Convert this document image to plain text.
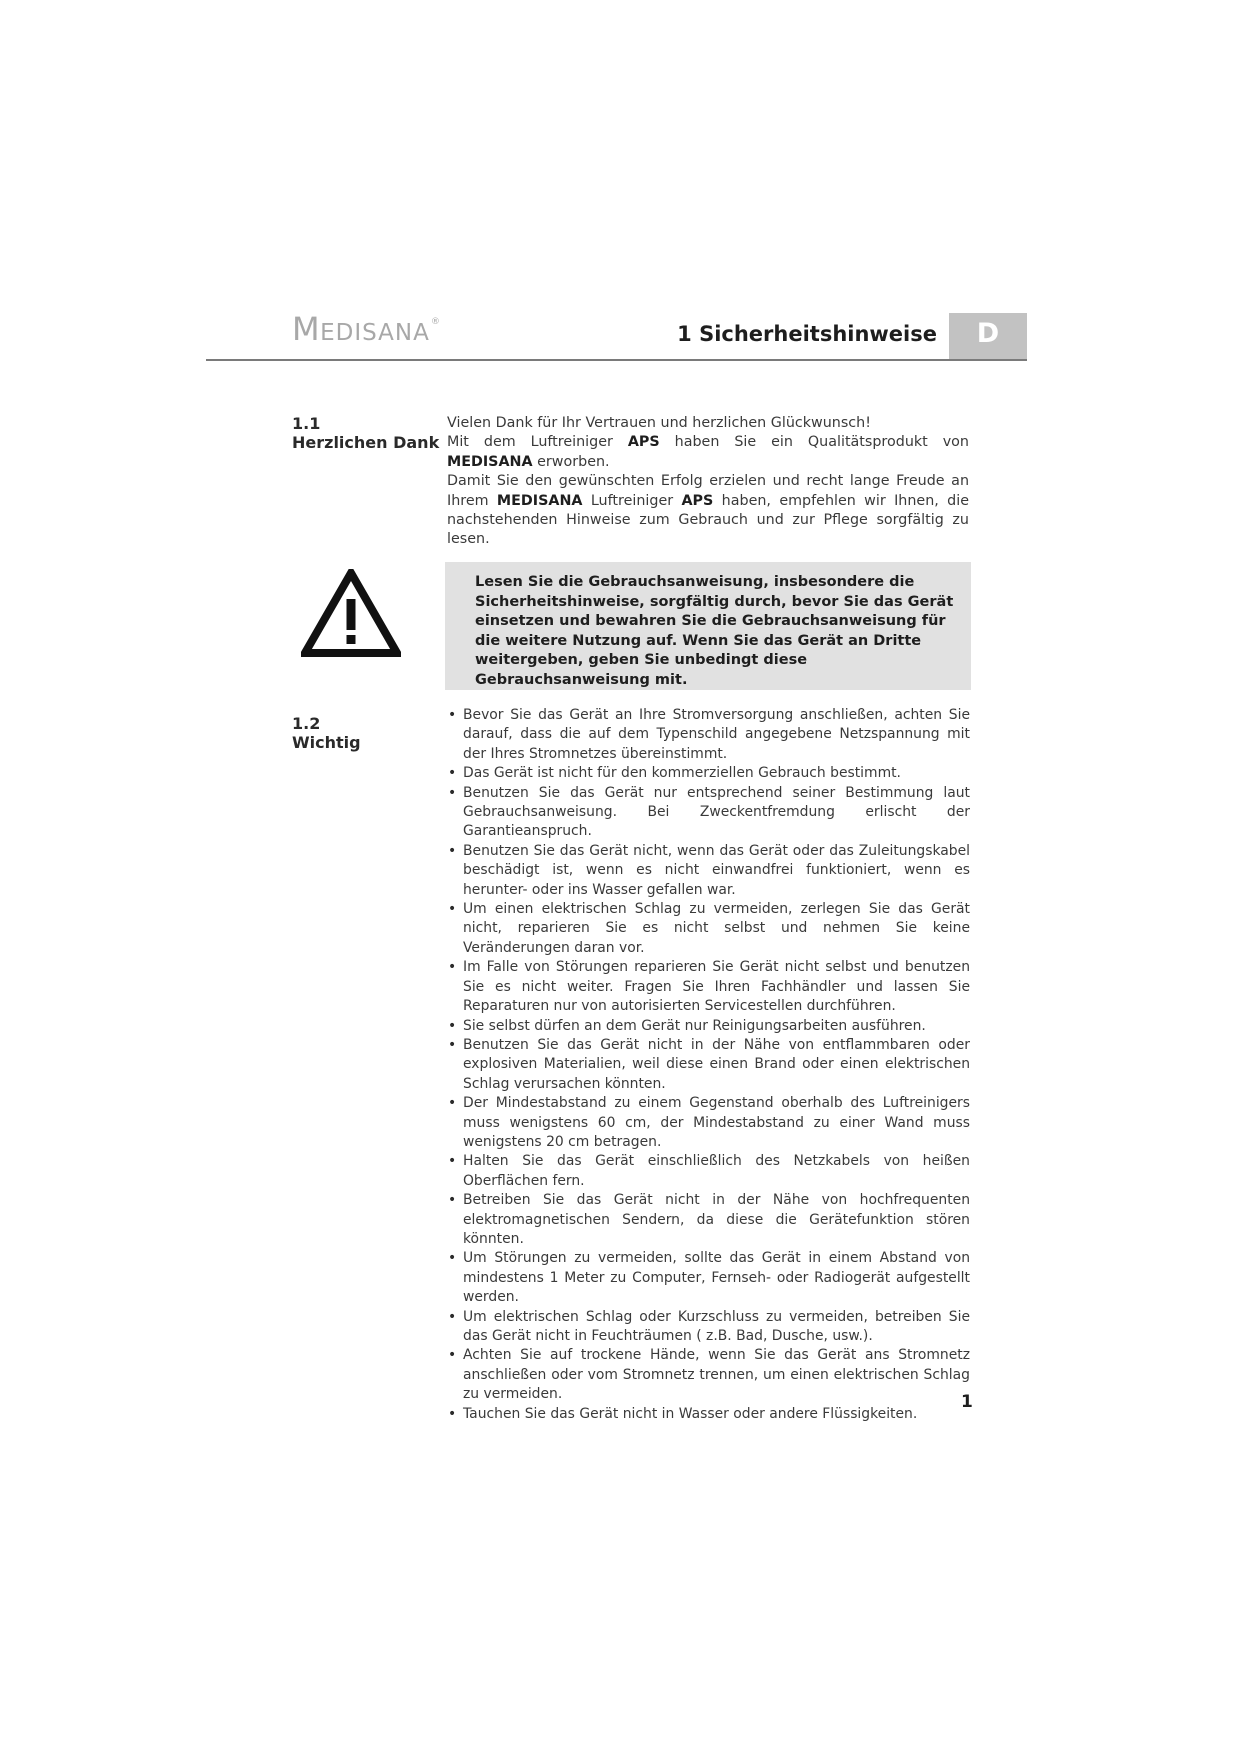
MEDISANA®	1 Sicherheitshinweise	D
1.1
Herzlichen Dank

Vielen Dank für Ihr Vertrauen und herzlichen Glückwunsch!

Mit dem Luftreiniger APS haben Sie ein Qualitätsprodukt von MEDISANA erworben.

Damit Sie den gewünschten Erfolg erzielen und recht lange Freude an Ihrem MEDISANA Luftreiniger APS haben, empfehlen wir Ihnen, die nachstehenden Hinweise zum Gebrauch und zur Pflege sorgfältig zu lesen.

Lesen Sie die Gebrauchsanweisung, insbesondere die Sicherheitshinweise, sorgfältig durch, bevor Sie das Gerät einsetzen und bewahren Sie die Gebrauchsanweisung für die weitere Nutzung auf. Wenn Sie das Gerät an Dritte weitergeben, geben Sie unbedingt diese Gebrauchsanweisung mit.
1.2
Wichtig
• Bevor Sie das Gerät an Ihre Stromversorgung anschließen, achten Sie darauf, dass die auf dem Typenschild angegebene Netzspannung mit der Ihres Stromnetzes übereinstimmt.
• Das Gerät ist nicht für den kommerziellen Gebrauch bestimmt.
• Benutzen Sie das Gerät nur entsprechend seiner Bestimmung laut Gebrauchsanweisung. Bei Zweckentfremdung erlischt der Garantieanspruch.
• Benutzen Sie das Gerät nicht, wenn das Gerät oder das Zuleitungskabel beschädigt ist, wenn es nicht einwandfrei funktioniert, wenn es herunter- oder ins Wasser gefallen war.
• Um einen elektrischen Schlag zu vermeiden, zerlegen Sie das Gerät nicht, reparieren Sie es nicht selbst und nehmen Sie keine Veränderungen daran vor.
• Im Falle von Störungen reparieren Sie Gerät nicht selbst und benutzen Sie es nicht weiter. Fragen Sie Ihren Fachhändler und lassen Sie Reparaturen nur von autorisierten Servicestellen durchführen.
• Sie selbst dürfen an dem Gerät nur Reinigungsarbeiten ausführen.
• Benutzen Sie das Gerät nicht in der Nähe von entflammbaren oder explosiven Materialien, weil diese einen Brand oder einen elektrischen Schlag verursachen könnten.
• Der Mindestabstand zu einem Gegenstand oberhalb des Luftreinigers muss wenigstens 60 cm, der Mindestabstand zu einer Wand muss wenigstens 20 cm betragen.
• Halten Sie das Gerät einschließlich des Netzkabels von heißen Oberflächen fern.
• Betreiben Sie das Gerät nicht in der Nähe von hochfrequenten elektromagnetischen Sendern, da diese die Gerätefunktion stören könnten.
• Um Störungen zu vermeiden, sollte das Gerät in einem Abstand von mindestens 1 Meter zu Computer, Fernseh- oder Radiogerät aufgestellt werden.
• Um elektrischen Schlag oder Kurzschluss zu vermeiden, betreiben Sie das Gerät nicht in Feuchträumen ( z.B. Bad, Dusche, usw.).
• Achten Sie auf trockene Hände, wenn Sie das Gerät ans Stromnetz anschließen oder vom Stromnetz trennen, um einen elektrischen Schlag zu vermeiden.
• Tauchen Sie das Gerät nicht in Wasser oder andere Flüssigkeiten.
1
